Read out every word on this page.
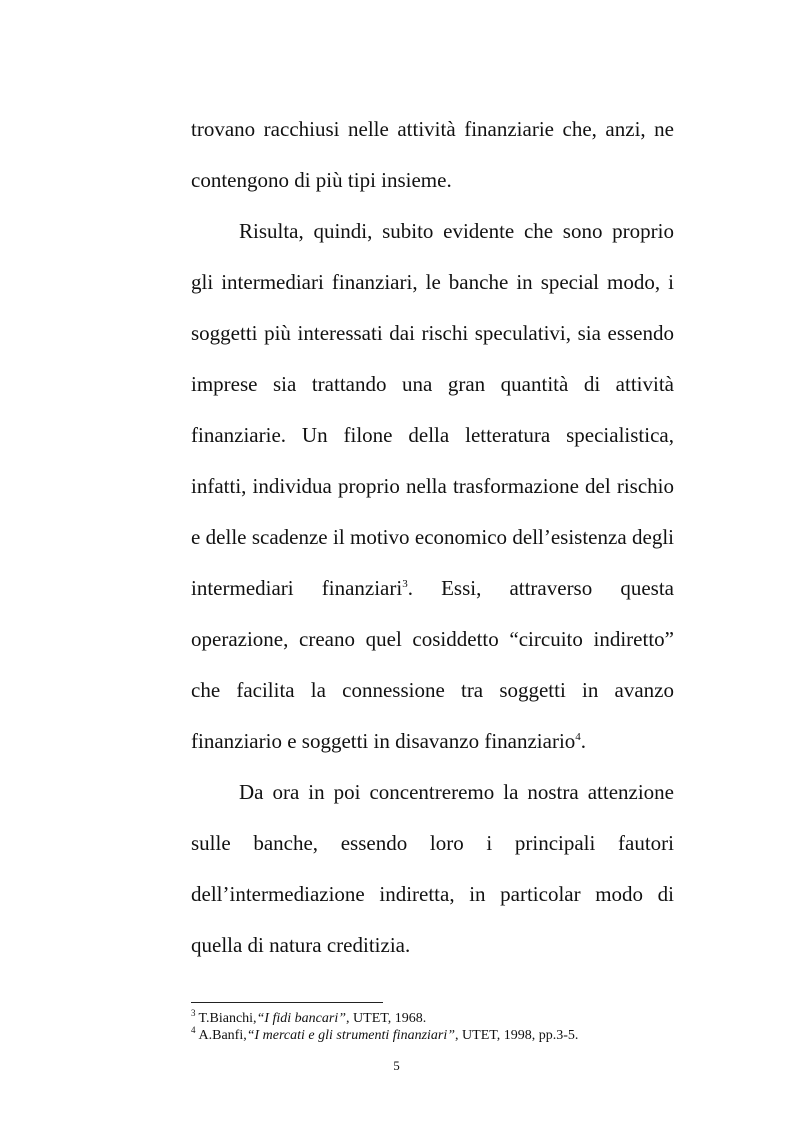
trovano racchiusi nelle attività finanziarie che, anzi, ne contengono di più tipi insieme.

Risulta, quindi, subito evidente che sono proprio gli intermediari finanziari, le banche in special modo, i soggetti più interessati dai rischi speculativi, sia essendo imprese sia trattando una gran quantità di attività finanziarie. Un filone della letteratura specialistica, infatti, individua proprio nella trasformazione del rischio e delle scadenze il motivo economico dell’esistenza degli intermediari finanziari$^3$. Essi, attraverso questa operazione, creano quel cosiddetto “circuito indiretto” che facilita la connessione tra soggetti in avanzo finanziario e soggetti in disavanzo finanziario$^4$.

Da ora in poi concentreremo la nostra attenzione sulle banche, essendo loro i principali fautori dell’intermediazione indiretta, in particolar modo di quella di natura creditizia.

$^3$ T.Bianchi,“I fidi bancari”, UTET, 1968.

$^4$ A.Banfi,“I mercati e gli strumenti finanziari”, UTET, 1998, pp.3-5.

5
